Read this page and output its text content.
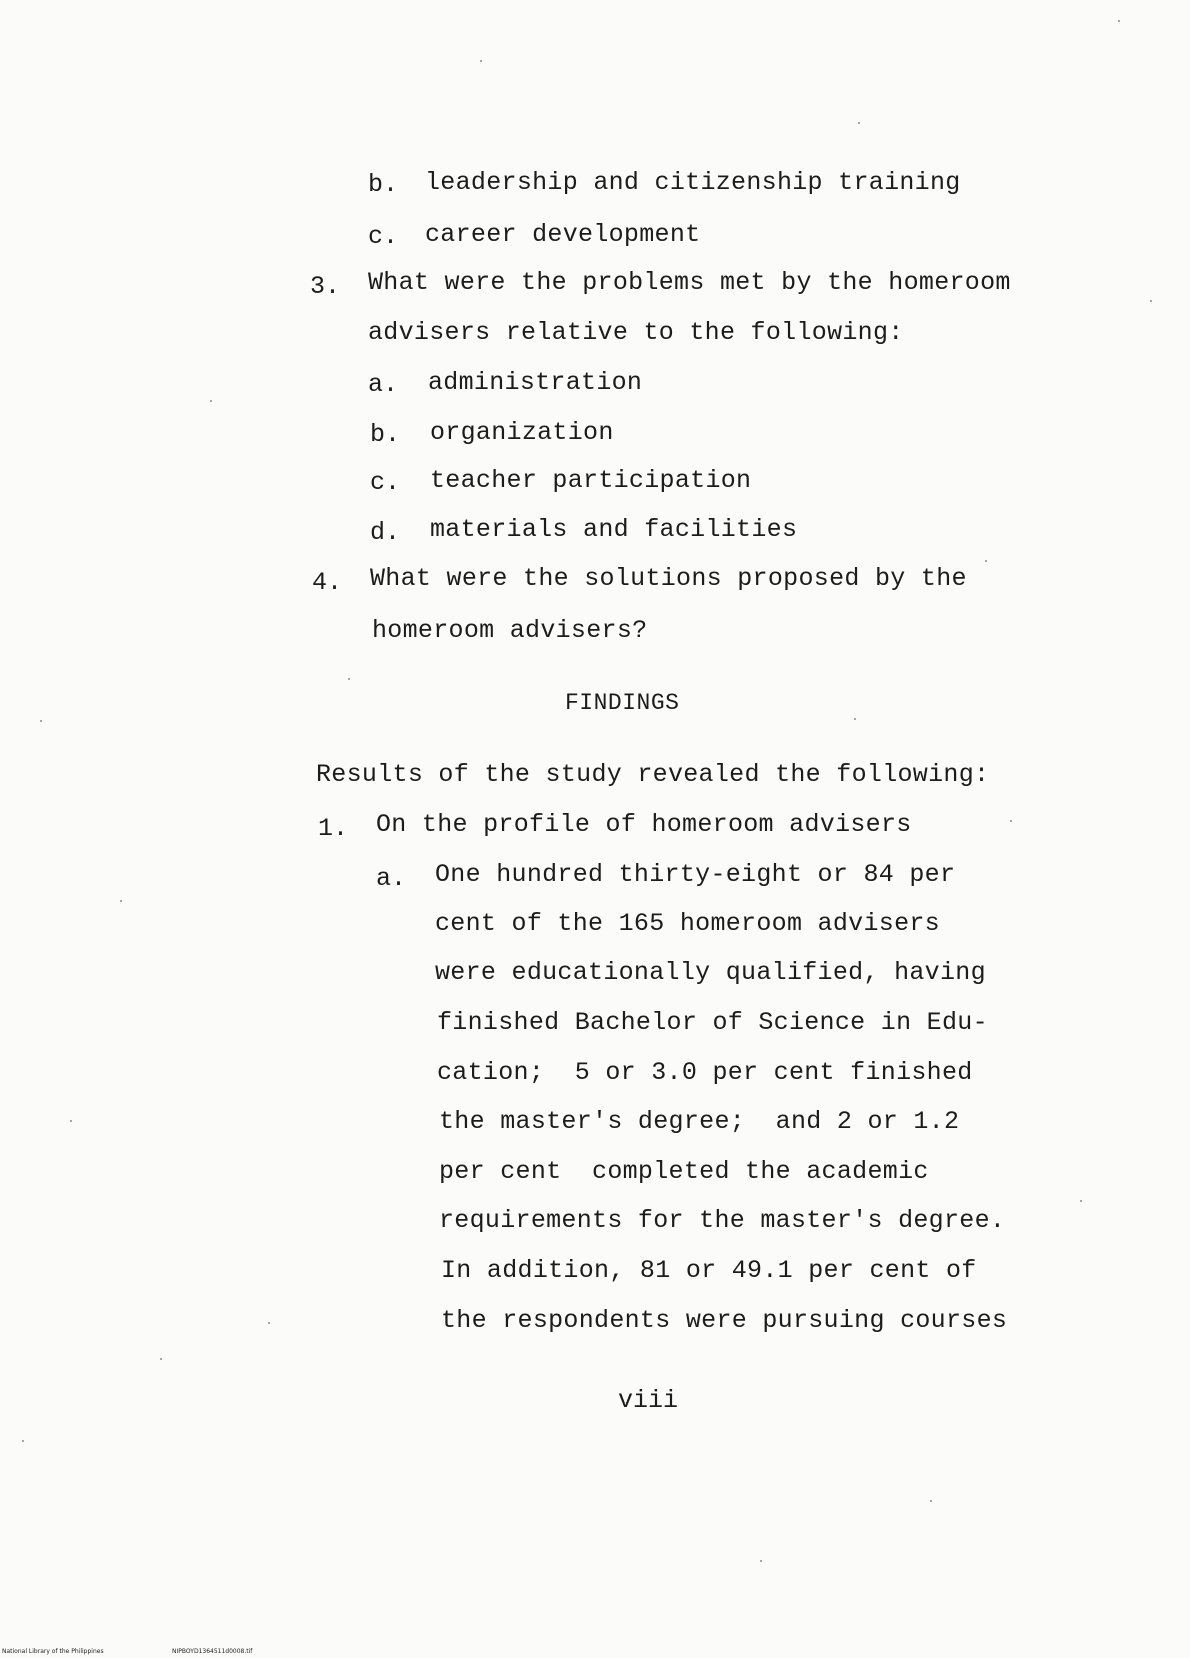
b. leadership and citizenship training
c. career development
3. What were the problems met by the homeroom
advisers relative to the following:
a. administration
b. organization
c. teacher participation
d. materials and facilities
4. What were the solutions proposed by the
homeroom advisers?
FINDINGS
Results of the study revealed the following:
1. On the profile of homeroom advisers
a. One hundred thirty-eight or 84 per
cent of the 165 homeroom advisers
were educationally qualified, having
finished Bachelor of Science in Edu-
cation;  5 or 3.0 per cent finished
the master's degree;  and 2 or 1.2
per cent  completed the academic
requirements for the master's degree.
In addition, 81 or 49.1 per cent of
the respondents were pursuing courses
viii
National Library of the Philippines	NIPBOYD1364511d0008.tif
